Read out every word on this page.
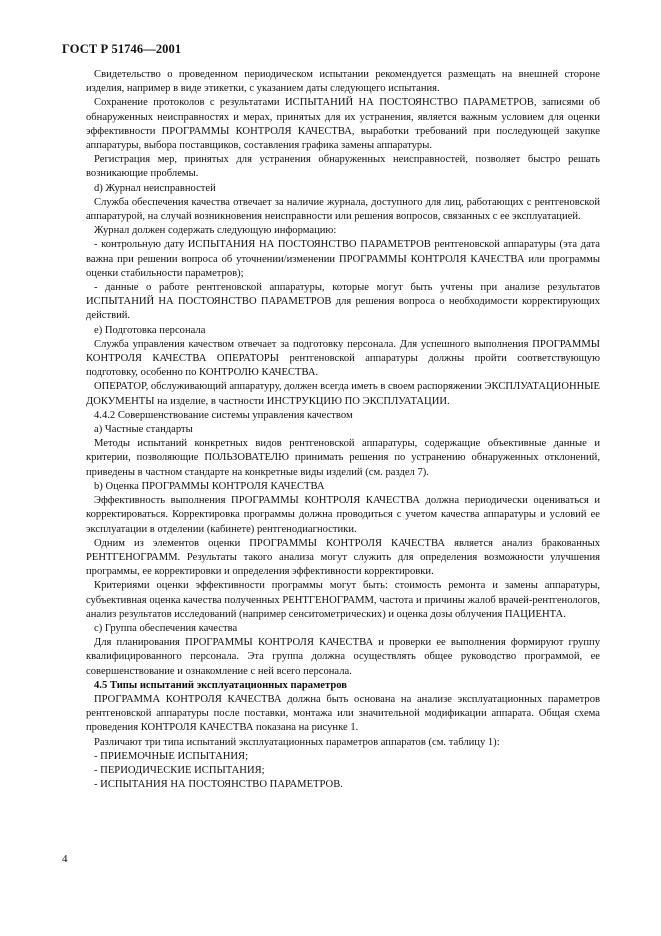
ГОСТ Р 51746—2001

Свидетельство о проведенном периодическом испытании рекомендуется размещать на внешней стороне изделия, например в виде этикетки, с указанием даты следующего испытания.

Сохранение протоколов с результатами ИСПЫТАНИЙ НА ПОСТОЯНСТВО ПАРАМЕТРОВ, записями об обнаруженных неисправностях и мерах, принятых для их устранения, является важным условием для оценки эффективности ПРОГРАММЫ КОНТРОЛЯ КАЧЕСТВА, выработки требований при последующей закупке аппаратуры, выбора поставщиков, составления графика замены аппаратуры.

Регистрация мер, принятых для устранения обнаруженных неисправностей, позволяет быстро решать возникающие проблемы.

d) Журнал неисправностей

Служба обеспечения качества отвечает за наличие журнала, доступного для лиц, работающих с рентгеновской аппаратурой, на случай возникновения неисправности или решения вопросов, связанных с ее эксплуатацией.

Журнал должен содержать следующую информацию:

- контрольную дату ИСПЫТАНИЯ НА ПОСТОЯНСТВО ПАРАМЕТРОВ рентгеновской аппаратуры (эта дата важна при решении вопроса об уточнении/изменении ПРОГРАММЫ КОНТРОЛЯ КАЧЕСТВА или программы оценки стабильности параметров);

- данные о работе рентгеновской аппаратуры, которые могут быть учтены при анализе результатов ИСПЫТАНИЙ НА ПОСТОЯНСТВО ПАРАМЕТРОВ для решения вопроса о необходимости корректирующих действий.

e) Подготовка персонала

Служба управления качеством отвечает за подготовку персонала. Для успешного выполнения ПРОГРАММЫ КОНТРОЛЯ КАЧЕСТВА ОПЕРАТОРЫ рентгеновской аппаратуры должны пройти соответствующую подготовку, особенно по КОНТРОЛЮ КАЧЕСТВА.

ОПЕРАТОР, обслуживающий аппаратуру, должен всегда иметь в своем распоряжении ЭКСПЛУАТАЦИОННЫЕ ДОКУМЕНТЫ на изделие, в частности ИНСТРУКЦИЮ ПО ЭКСПЛУАТАЦИИ.

4.4.2 Совершенствование системы управления качеством

a) Частные стандарты

Методы испытаний конкретных видов рентгеновской аппаратуры, содержащие объективные данные и критерии, позволяющие ПОЛЬЗОВАТЕЛЮ принимать решения по устранению обнаруженных отклонений, приведены в частном стандарте на конкретные виды изделий (см. раздел 7).

b) Оценка ПРОГРАММЫ КОНТРОЛЯ КАЧЕСТВА

Эффективность выполнения ПРОГРАММЫ КОНТРОЛЯ КАЧЕСТВА должна периодически оцениваться и корректироваться. Корректировка программы должна проводиться с учетом качества аппаратуры и условий ее эксплуатации в отделении (кабинете) рентгенодиагностики.

Одним из элементов оценки ПРОГРАММЫ КОНТРОЛЯ КАЧЕСТВА является анализ бракованных РЕНТГЕНОГРАММ. Результаты такого анализа могут служить для определения возможности улучшения программы, ее корректировки и определения эффективности корректировки.

Критериями оценки эффективности программы могут быть: стоимость ремонта и замены аппаратуры, субъективная оценка качества полученных РЕНТГЕНОГРАММ, частота и причины жалоб врачей-рентгенологов, анализ результатов исследований (например сенситометрических) и оценка дозы облучения ПАЦИЕНТА.

c) Группа обеспечения качества

Для планирования ПРОГРАММЫ КОНТРОЛЯ КАЧЕСТВА и проверки ее выполнения формируют группу квалифицированного персонала. Эта группа должна осуществлять общее руководство программой, ее совершенствование и ознакомление с ней всего персонала.

4.5 Типы испытаний эксплуатационных параметров

ПРОГРАММА КОНТРОЛЯ КАЧЕСТВА должна быть основана на анализе эксплуатационных параметров рентгеновской аппаратуры после поставки, монтажа или значительной модификации аппарата. Общая схема проведения КОНТРОЛЯ КАЧЕСТВА показана на рисунке 1.

Различают три типа испытаний эксплуатационных параметров аппаратов (см. таблицу 1):

- ПРИЕМОЧНЫЕ ИСПЫТАНИЯ;

- ПЕРИОДИЧЕСКИЕ ИСПЫТАНИЯ;

- ИСПЫТАНИЯ НА ПОСТОЯНСТВО ПАРАМЕТРОВ.

4
